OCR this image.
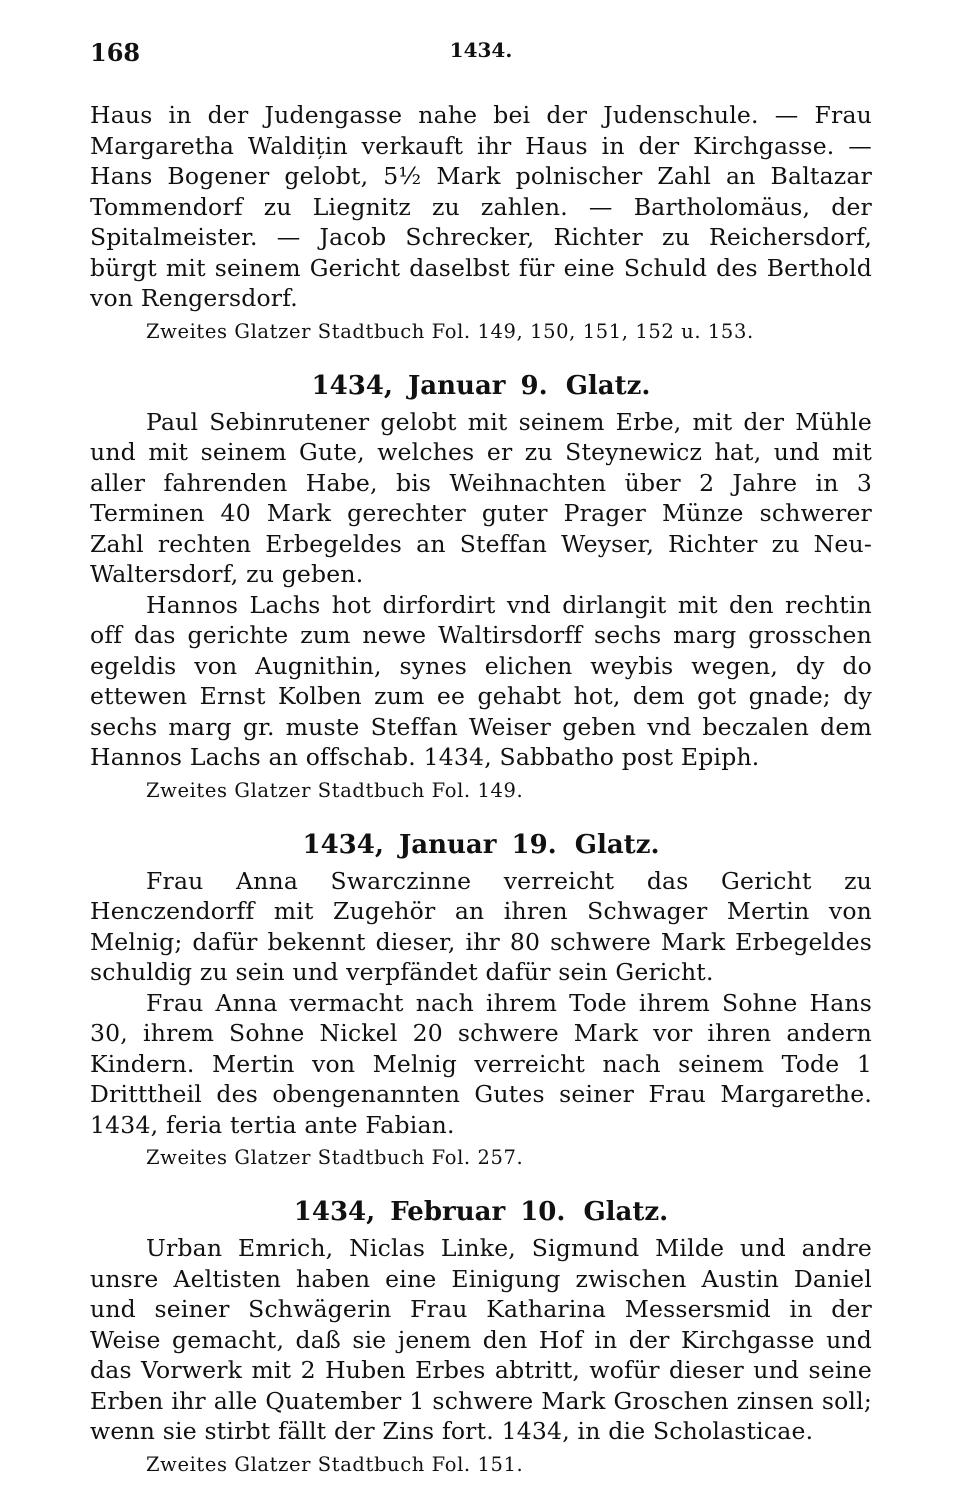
168	1434.

Haus in der Judengasse nahe bei der Judenschule. — Frau Margaretha Waldițin verkauft ihr Haus in der Kirchgasse. — Hans Bogener gelobt, 5½ Mark polnischer Zahl an Baltazar Tommendorf zu Liegnitz zu zahlen. — Bartholomäus, der Spitalmeister. — Jacob Schrecker, Richter zu Reichersdorf, bürgt mit seinem Gericht daselbst für eine Schuld des Berthold von Rengersdorf.

Zweites Glatzer Stadtbuch Fol. 149, 150, 151, 152 u. 153.

1434, Januar 9. Glatz.

Paul Sebinrutener gelobt mit seinem Erbe, mit der Mühle und mit seinem Gute, welches er zu Steynewicz hat, und mit aller fahrenden Habe, bis Weihnachten über 2 Jahre in 3 Terminen 40 Mark gerechter guter Prager Münze schwerer Zahl rechten Erbegeldes an Steffan Weyser, Richter zu Neu-Waltersdorf, zu geben.

Hannos Lachs hot dirfordirt vnd dirlangit mit den rechtin off das gerichte zum newe Waltirsdorff sechs marg grosschen egeldis von Augnithin, synes elichen weybis wegen, dy do ettewen Ernst Kolben zum ee gehabt hot, dem got gnade; dy sechs marg gr. muste Steffan Weiser geben vnd beczalen dem Hannos Lachs an offschab. 1434, Sabbatho post Epiph.

Zweites Glatzer Stadtbuch Fol. 149.

1434, Januar 19. Glatz.

Frau Anna Swarczinne verreicht das Gericht zu Henczendorff mit Zugehör an ihren Schwager Mertin von Melnig; dafür bekennt dieser, ihr 80 schwere Mark Erbegeldes schuldig zu sein und verpfändet dafür sein Gericht.

Frau Anna vermacht nach ihrem Tode ihrem Sohne Hans 30, ihrem Sohne Nickel 20 schwere Mark vor ihren andern Kindern. Mertin von Melnig verreicht nach seinem Tode 1 Dritttheil des obengenannten Gutes seiner Frau Margarethe. 1434, feria tertia ante Fabian.

Zweites Glatzer Stadtbuch Fol. 257.

1434, Februar 10. Glatz.

Urban Emrich, Niclas Linke, Sigmund Milde und andre unsre Aeltisten haben eine Einigung zwischen Austin Daniel und seiner Schwägerin Frau Katharina Messersmid in der Weise gemacht, daß sie jenem den Hof in der Kirchgasse und das Vorwerk mit 2 Huben Erbes abtritt, wofür dieser und seine Erben ihr alle Quatember 1 schwere Mark Groschen zinsen soll; wenn sie stirbt fällt der Zins fort. 1434, in die Scholasticae.

Zweites Glatzer Stadtbuch Fol. 151.
